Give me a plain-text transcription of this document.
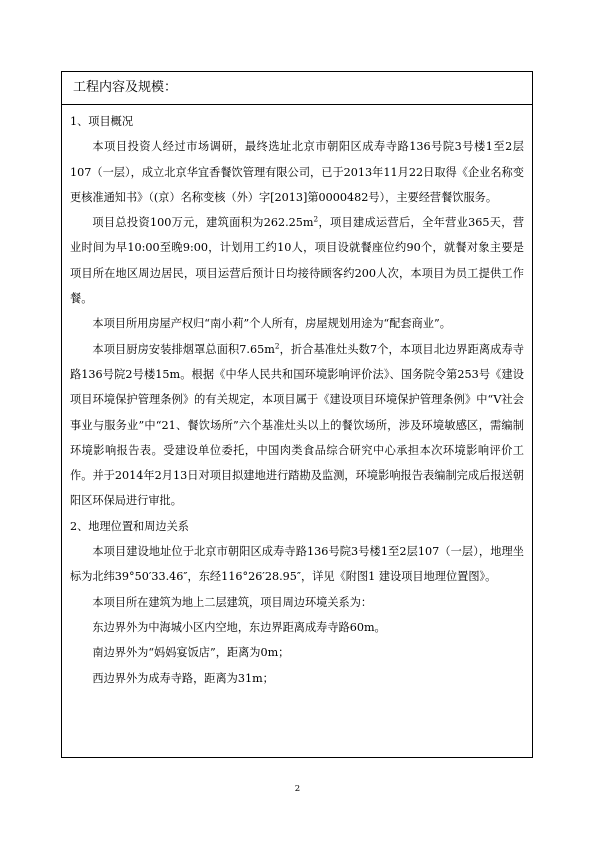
工程内容及规模：
1、项目概况

本项目投资人经过市场调研，最终选址北京市朝阳区成寿寺路136号院3号楼1至2层107（一层），成立北京华宜香餐饮管理有限公司，已于2013年11月22日取得《企业名称变更核准通知书》（(京）名称变核（外）字[2013]第0000482号），主要经营餐饮服务。

项目总投资100万元，建筑面积为$262.25m^2$，项目建成运营后，全年营业365天，营业时间为早10:00至晚9:00，计划用工约10人，项目设就餐座位约90个，就餐对象主要是项目所在地区周边居民，项目运营后预计日均接待顾客约200人次，本项目为员工提供工作餐。

本项目所用房屋产权归“南小莉”个人所有，房屋规划用途为“配套商业”。

本项目厨房安装排烟罩总面积$7.65m^2$，折合基准灶头数7个，本项目北边界距离成寿寺路136号院2号楼15m。根据《中华人民共和国环境影响评价法》、国务院令第253号《建设项目环境保护管理条例》的有关规定，本项目属于《建设项目环境保护管理条例》中“Ⅴ社会事业与服务业”中“21、餐饮场所”六个基准灶头以上的餐饮场所，涉及环境敏感区，需编制环境影响报告表。受建设单位委托，中国肉类食品综合研究中心承担本次环境影响评价工作。并于2014年2月13日对项目拟建地进行踏勘及监测，环境影响报告表编制完成后报送朝阳区环保局进行审批。

2、地理位置和周边关系

本项目建设地址位于北京市朝阳区成寿寺路136号院3号楼1至2层107（一层），地理坐标为北纬39°50′33.46″，东经116°26′28.95″，详见《附图1 建设项目地理位置图》。

本项目所在建筑为地上二层建筑，项目周边环境关系为：

东边界外为中海城小区内空地，东边界距离成寿寺路60m。

南边界外为“妈妈宴饭店”，距离为0m；

西边界外为成寿寺路，距离为31m；

2
